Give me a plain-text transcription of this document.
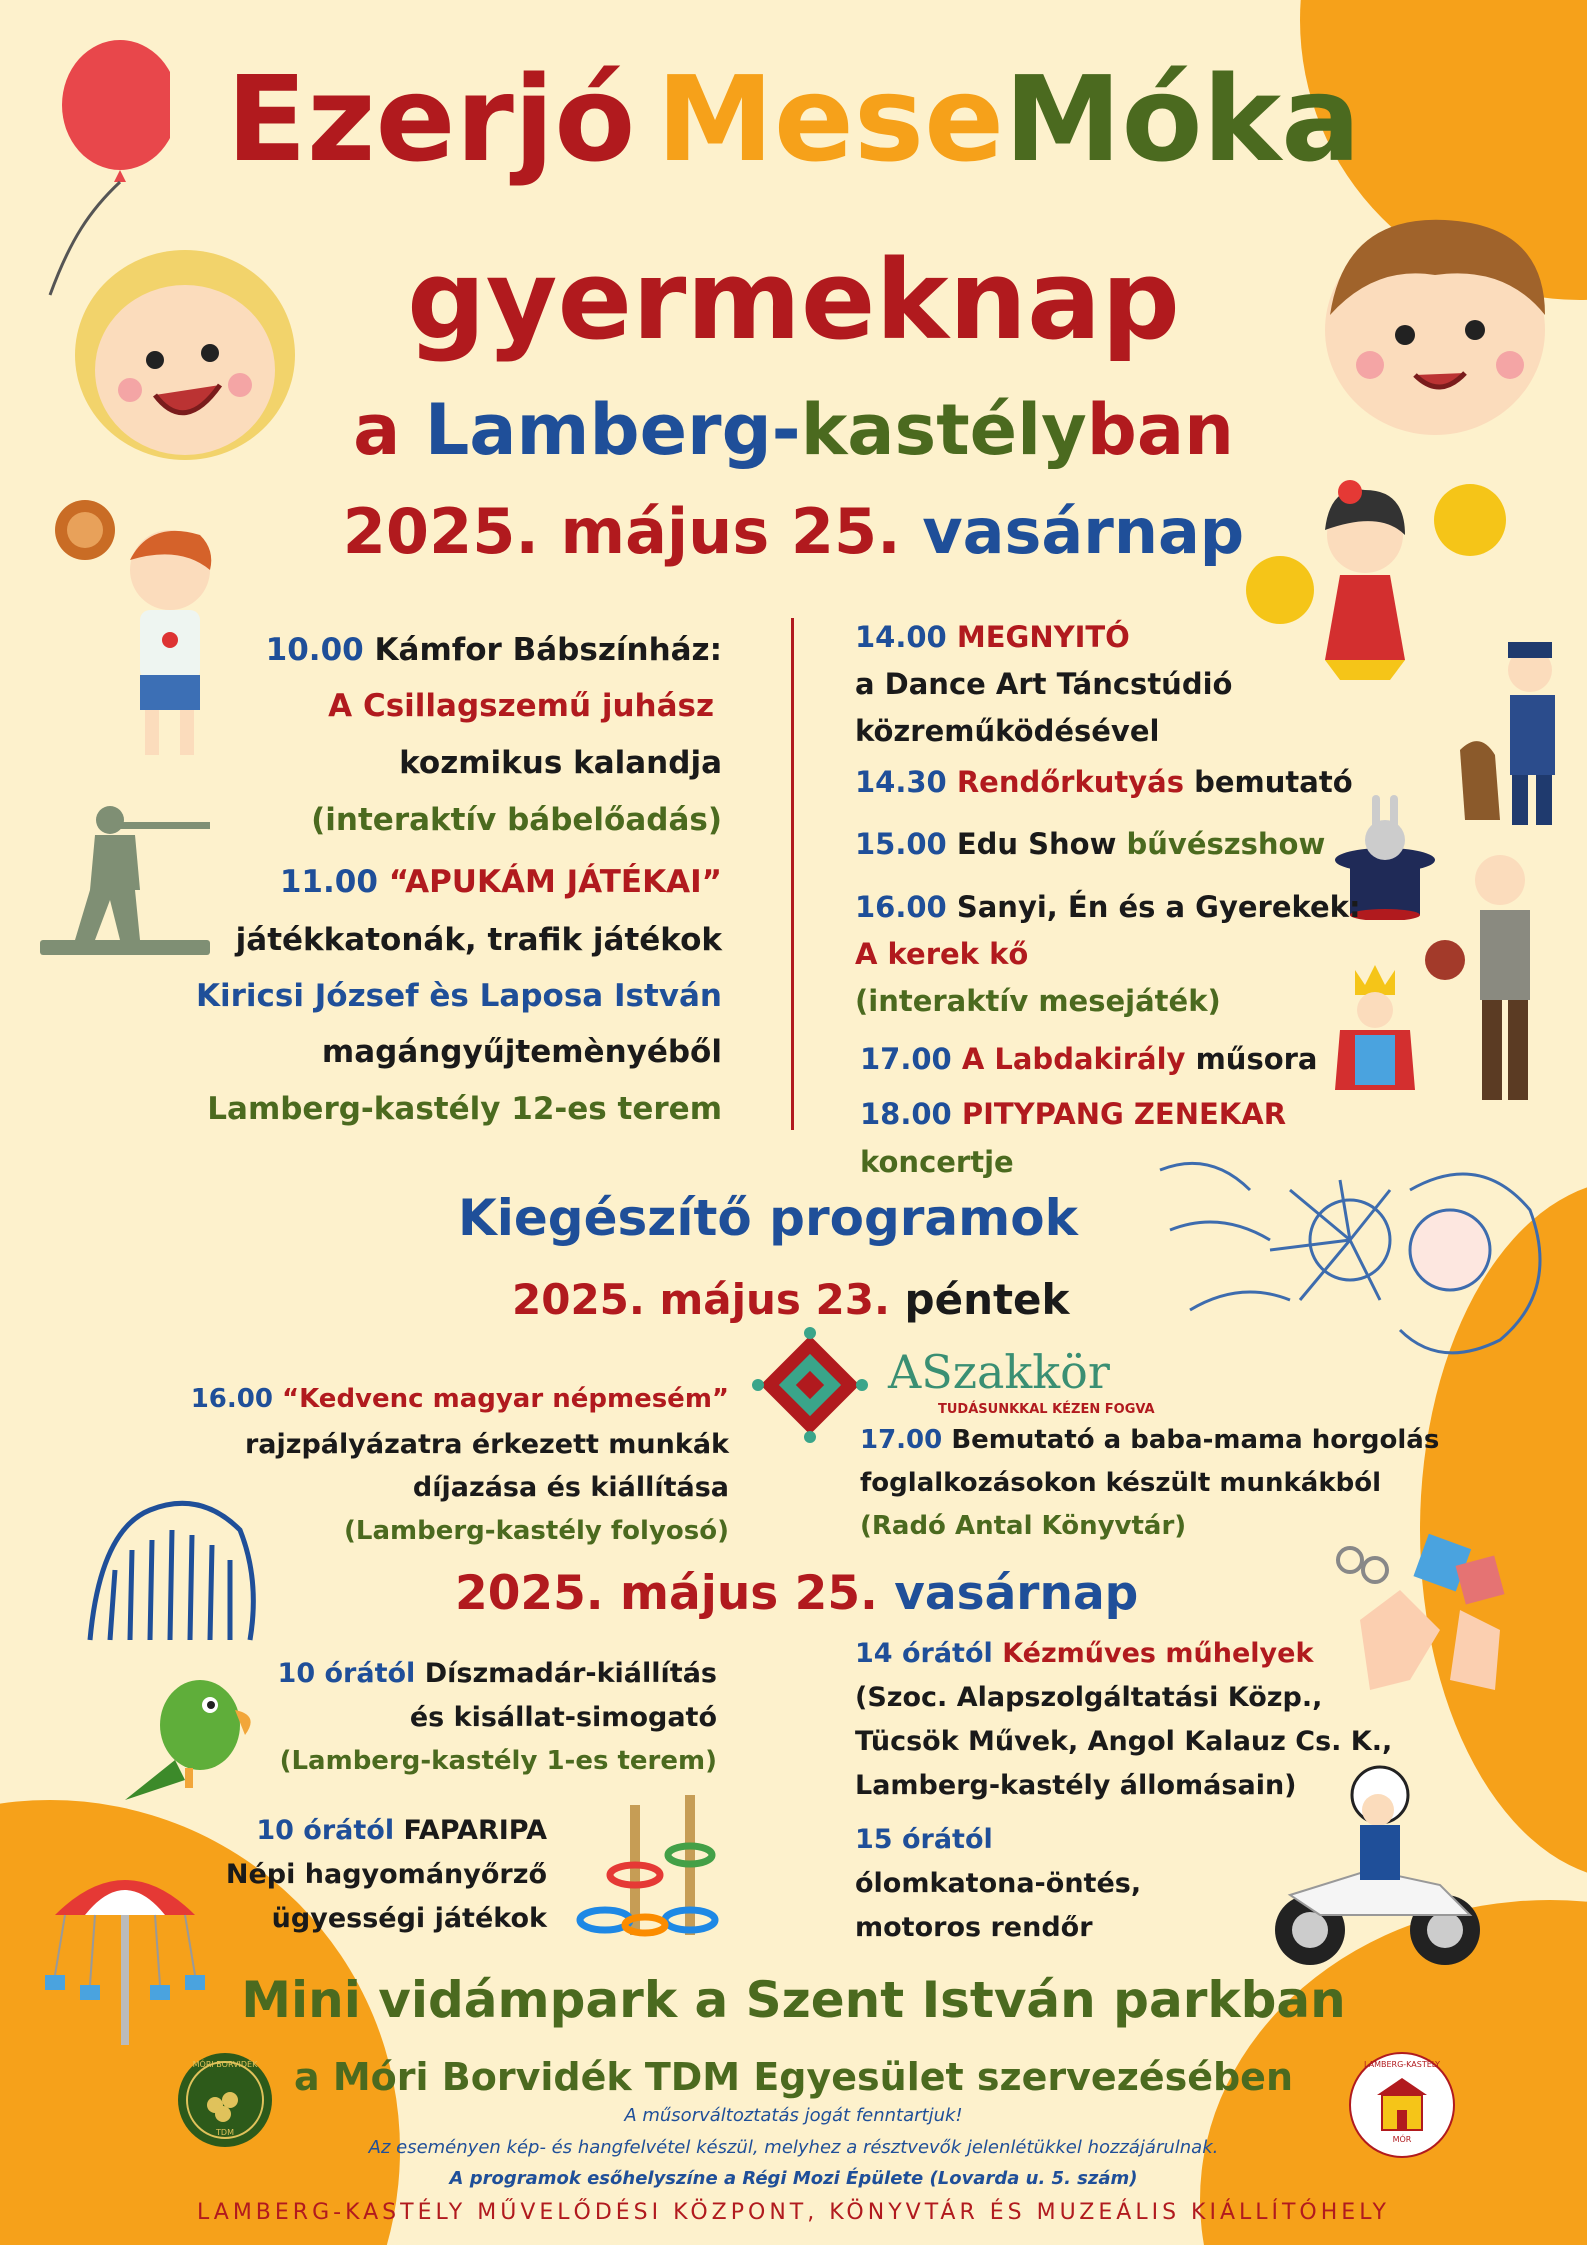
Ezerjó MeseMóka
gyermeknap
a Lamberg-kastélyban
2025. május 25. vasárnap
10.00 Kámfor Bábszínház:
A Csillagszemű juhász
kozmikus kalandja
(interaktív bábelőadás)
11.00 “APUKÁM JÁTÉKAI”
játékkatonák, trafik játékok
Kiricsi József ès Laposa István
magángyűjtemènyéből
Lamberg-kastély 12-es terem
14.00 MEGNYITÓ
a Dance Art Táncstúdió
közreműködésével
14.30 Rendőrkutyás bemutató
15.00 Edu Show bűvészshow
16.00 Sanyi, Én és a Gyerekek:
A kerek kő
(interaktív mesejáték)
17.00 A Labdakirály műsora
18.00 PITYPANG ZENEKAR
koncertje
Kiegészítő programok
2025. május 23. péntek
16.00 “Kedvenc magyar népmesém”
rajzpályázatra érkezett munkák
díjazása és kiállítása
(Lamberg-kastély folyosó)
ASzakkör
TUDÁSUNKKAL KÉZEN FOGVA
17.00 Bemutató a baba-mama horgolás
foglalkozásokon készült munkákból
(Radó Antal Könyvtár)
2025. május 25. vasárnap
10 órától Díszmadár-kiállítás
és kisállat-simogató
(Lamberg-kastély 1-es terem)
10 órától FAPARIPA
Népi hagyományőrző
ügyességi játékok
14 órától Kézműves műhelyek
(Szoc. Alapszolgáltatási Közp.,
Tücsök Művek, Angol Kalauz Cs. K.,
Lamberg-kastély állomásain)
15 órától
ólomkatona-öntés,
motoros rendőr
Mini vidámpark a Szent István parkban
a Móri Borvidék TDM Egyesület szervezésében
MÓRI BORVIDÉK
TDM
LAMBERG-KASTÉLY
MÓR
A műsorváltoztatás jogát fenntartjuk!
Az eseményen kép- és hangfelvétel készül, melyhez a résztvevők jelenlétükkel hozzájárulnak.
A programok esőhelyszíne a Régi Mozi Épülete (Lovarda u. 5. szám)
LAMBERG-KASTÉLY MŰVELŐDÉSI KÖZPONT, KÖNYVTÁR ÉS MUZEÁLIS KIÁLLÍTÓHELY
